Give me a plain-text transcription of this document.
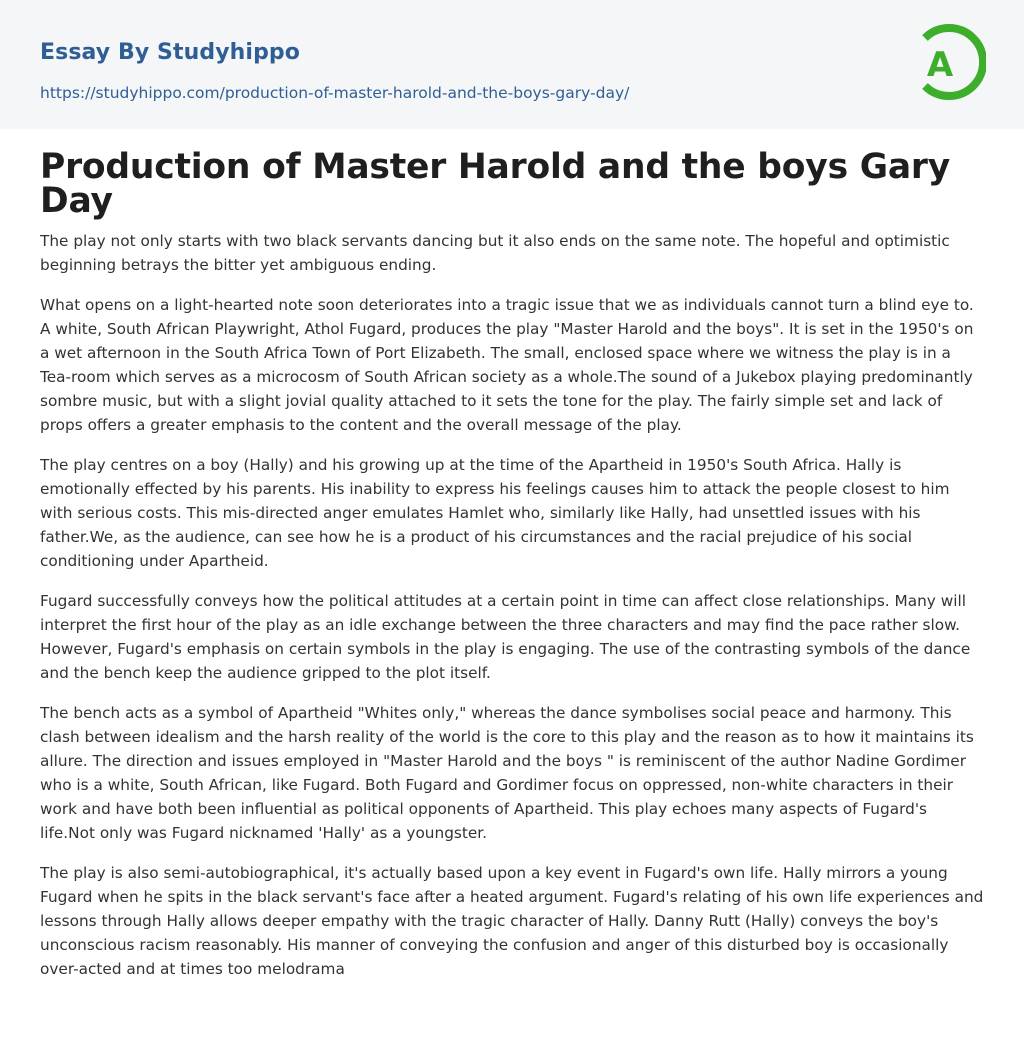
Essay By Studyhippo
https://studyhippo.com/production-of-master-harold-and-the-boys-gary-day/
A
Production of Master Harold and the boys Gary Day

The play not only starts with two black servants dancing but it also ends on the same note. The hopeful and optimistic beginning betrays the bitter yet ambiguous ending.

What opens on a light-hearted note soon deteriorates into a tragic issue that we as individuals cannot turn a blind eye to. A white, South African Playwright, Athol Fugard, produces the play "Master Harold and the boys". It is set in the 1950's on a wet afternoon in the South Africa Town of Port Elizabeth. The small, enclosed space where we witness the play is in a Tea-room which serves as a microcosm of South African society as a whole.The sound of a Jukebox playing predominantly sombre music, but with a slight jovial quality attached to it sets the tone for the play. The fairly simple set and lack of props offers a greater emphasis to the content and the overall message of the play.

The play centres on a boy (Hally) and his growing up at the time of the Apartheid in 1950's South Africa. Hally is emotionally effected by his parents. His inability to express his feelings causes him to attack the people closest to him with serious costs. This mis-directed anger emulates Hamlet who, similarly like Hally, had unsettled issues with his father.We, as the audience, can see how he is a product of his circumstances and the racial prejudice of his social conditioning under Apartheid.

Fugard successfully conveys how the political attitudes at a certain point in time can affect close relationships. Many will interpret the first hour of the play as an idle exchange between the three characters and may find the pace rather slow. However, Fugard's emphasis on certain symbols in the play is engaging. The use of the contrasting symbols of the dance and the bench keep the audience gripped to the plot itself.

The bench acts as a symbol of Apartheid "Whites only," whereas the dance symbolises social peace and harmony. This clash between idealism and the harsh reality of the world is the core to this play and the reason as to how it maintains its allure. The direction and issues employed in "Master Harold and the boys " is reminiscent of the author Nadine Gordimer who is a white, South African, like Fugard. Both Fugard and Gordimer focus on oppressed, non-white characters in their work and have both been influential as political opponents of Apartheid. This play echoes many aspects of Fugard's life.Not only was Fugard nicknamed 'Hally' as a youngster.

The play is also semi-autobiographical, it's actually based upon a key event in Fugard's own life. Hally mirrors a young Fugard when he spits in the black servant's face after a heated argument. Fugard's relating of his own life experiences and lessons through Hally allows deeper empathy with the tragic character of Hally. Danny Rutt (Hally) conveys the boy's unconscious racism reasonably. His manner of conveying the confusion and anger of this disturbed boy is occasionally over-acted and at times too melodrama
